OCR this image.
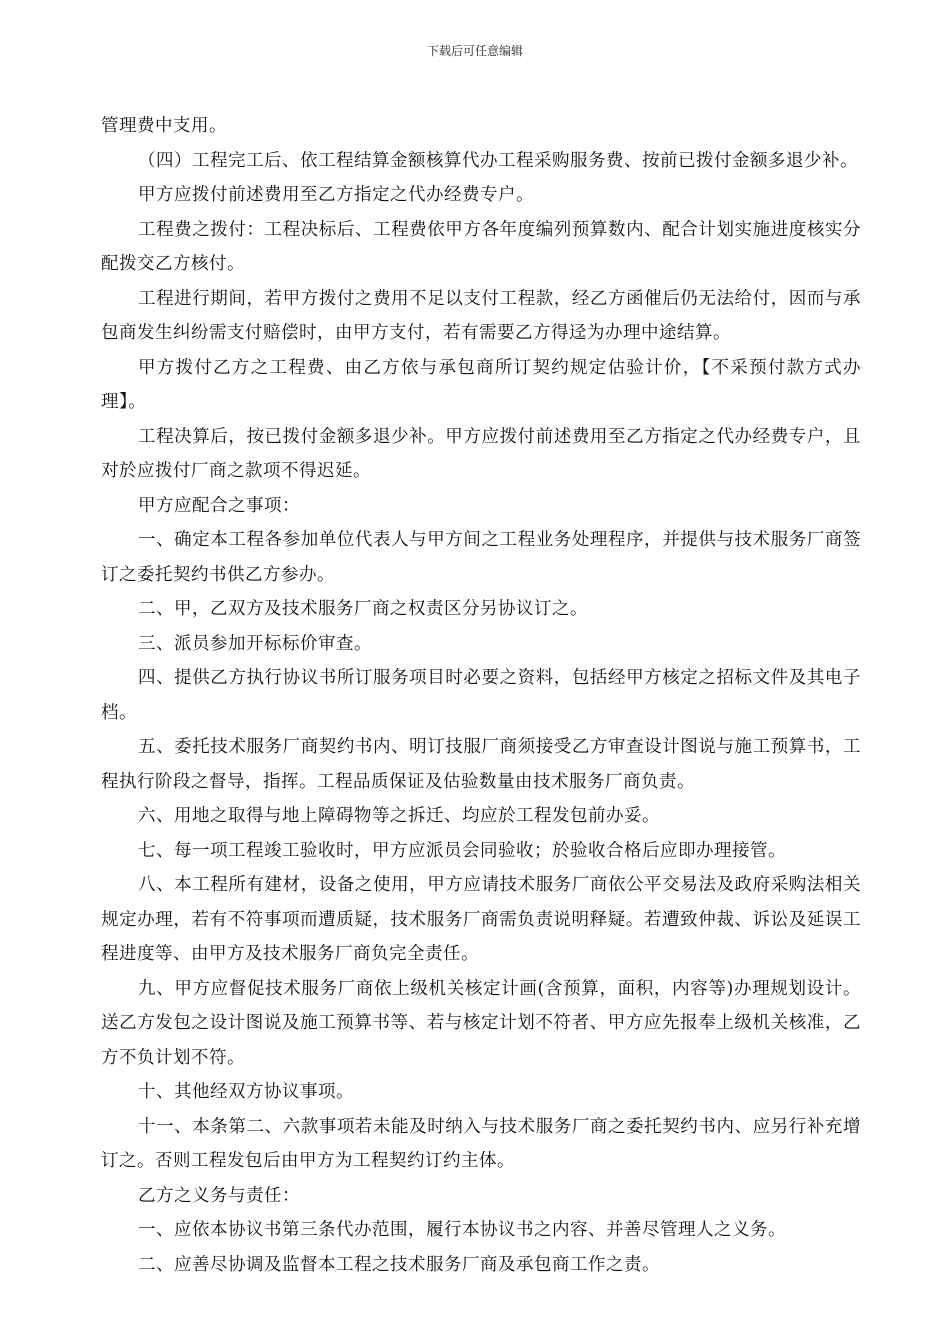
下载后可任意编辑

管理费中支用。

（四）工程完工后、依工程结算金额核算代办工程采购服务费、按前已拨付金额多退少补。

甲方应拨付前述费用至乙方指定之代办经费专户。

工程费之拨付：工程决标后、工程费依甲方各年度编列预算数内、配合计划实施进度核实分配拨交乙方核付。

工程进行期间，若甲方拨付之费用不足以支付工程款，经乙方函催后仍无法给付，因而与承包商发生纠纷需支付赔偿时，由甲方支付，若有需要乙方得迳为办理中途结算。

甲方拨付乙方之工程费、由乙方依与承包商所订契约规定估验计价，【不采预付款方式办理】。

工程决算后，按已拨付金额多退少补。甲方应拨付前述费用至乙方指定之代办经费专户，且对於应拨付厂商之款项不得迟延。

甲方应配合之事项：

一、确定本工程各参加单位代表人与甲方间之工程业务处理程序，并提供与技术服务厂商签订之委托契约书供乙方参办。

二、甲，乙双方及技术服务厂商之权责区分另协议订之。

三、派员参加开标标价审查。

四、提供乙方执行协议书所订服务项目时必要之资料，包括经甲方核定之招标文件及其电子档。

五、委托技术服务厂商契约书内、明订技服厂商须接受乙方审查设计图说与施工预算书，工程执行阶段之督导，指挥。工程品质保证及估验数量由技术服务厂商负责。

六、用地之取得与地上障碍物等之拆迁、均应於工程发包前办妥。

七、每一项工程竣工验收时，甲方应派员会同验收；於验收合格后应即办理接管。

八、本工程所有建材，设备之使用，甲方应请技术服务厂商依公平交易法及政府采购法相关规定办理，若有不符事项而遭质疑，技术服务厂商需负责说明释疑。若遭致仲裁、诉讼及延误工程进度等、由甲方及技术服务厂商负完全责任。

九、甲方应督促技术服务厂商依上级机关核定计画(含预算，面积，内容等)办理规划设计。送乙方发包之设计图说及施工预算书等、若与核定计划不符者、甲方应先报奉上级机关核准，乙方不负计划不符。

十、其他经双方协议事项。

十一、本条第二、六款事项若未能及时纳入与技术服务厂商之委托契约书内、应另行补充增订之。否则工程发包后由甲方为工程契约订约主体。

乙方之义务与责任：

一、应依本协议书第三条代办范围，履行本协议书之内容、并善尽管理人之义务。

二、应善尽协调及监督本工程之技术服务厂商及承包商工作之责。
